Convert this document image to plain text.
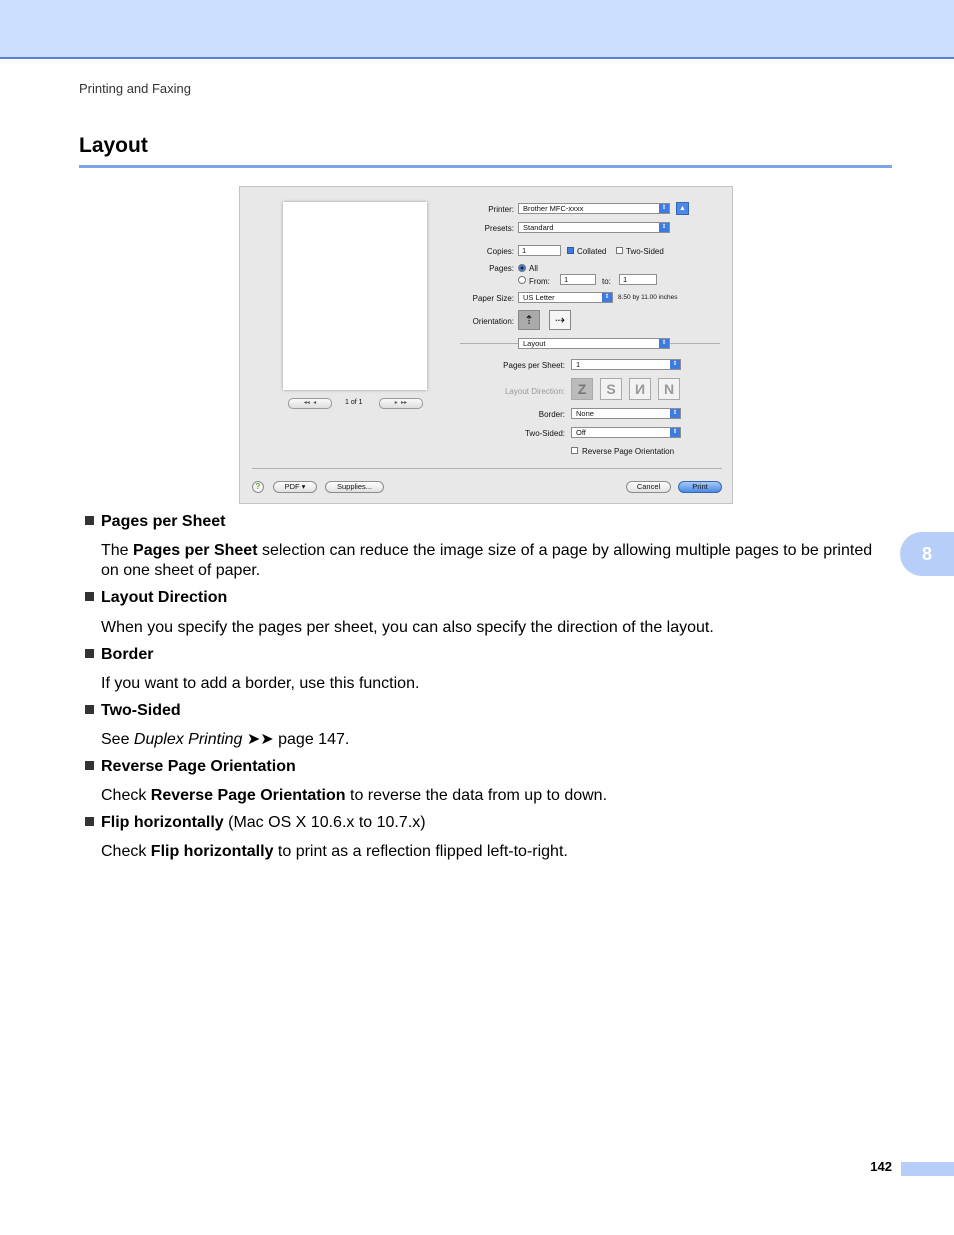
Printing and Faxing
Layout
8
◂◂ ◂	1 of 1	▸ ▸▸
Printer:	Brother MFC-xxxx	⇕	▲
Presets:	Standard	⇕
Copies:	1	Collated Two-Sided
Pages: All
From:	1	to:	1
Paper Size:	US Letter	⇕	8.50 by 11.00 inches
Orientation: ⇡	⇢
Layout	⇕
Pages per Sheet:	1	⇕
Layout Direction: Z	S	И	N
Border:	None	⇕
Two-Sided:	Off	⇕
Reverse Page Orientation
?	PDF ▾	Supplies...	Cancel	Print
Pages per Sheet
The Pages per Sheet selection can reduce the image size of a page by allowing multiple pages to be printed on one sheet of paper.
Layout Direction
When you specify the pages per sheet, you can also specify the direction of the layout.
Border
If you want to add a border, use this function.
Two-Sided
See Duplex Printing ➤➤ page 147.
Reverse Page Orientation
Check Reverse Page Orientation to reverse the data from up to down.
Flip horizontally (Mac OS X 10.6.x to 10.7.x)
Check Flip horizontally to print as a reflection flipped left-to-right.
142
